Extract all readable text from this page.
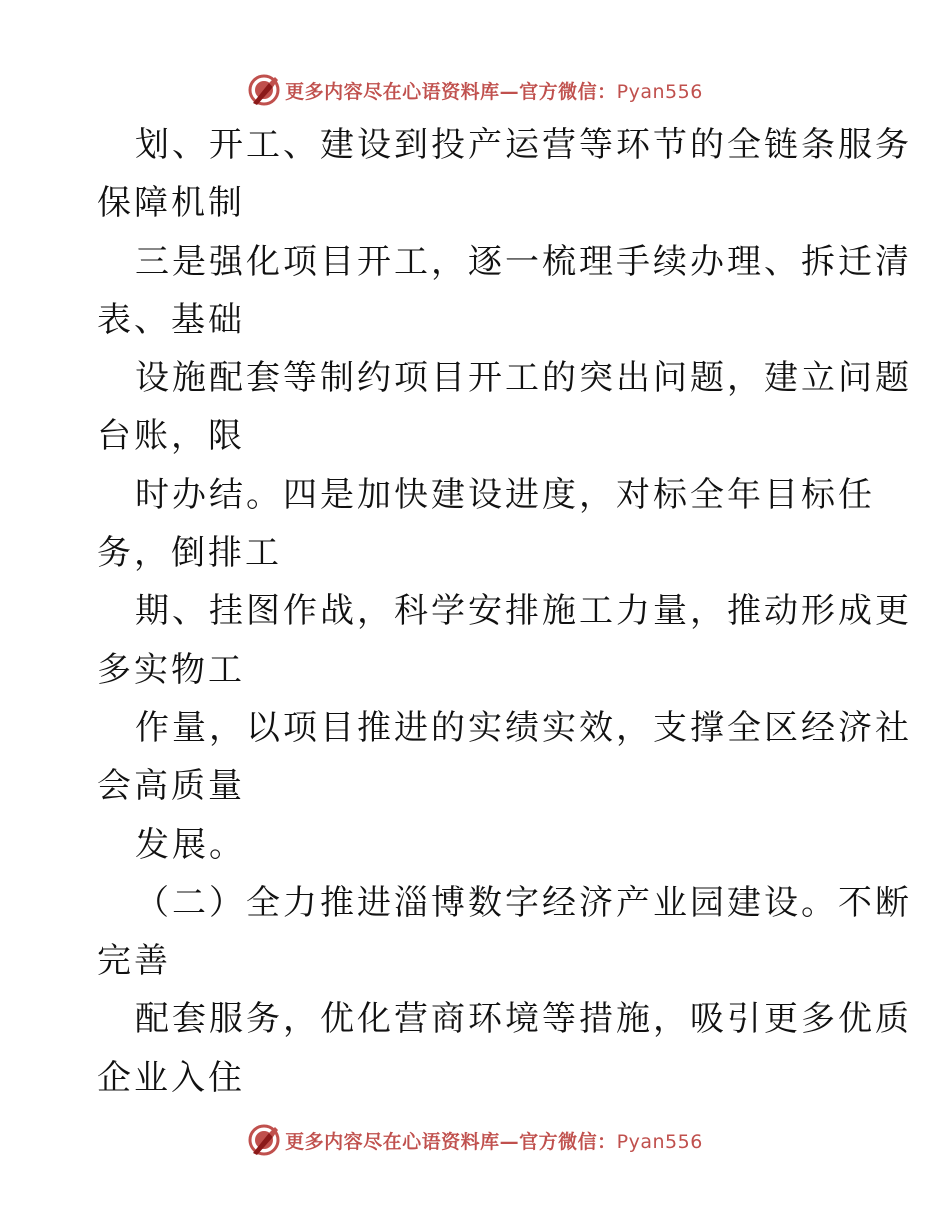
更多内容尽在心语资料库—官方微信：Pyan556
划、开工、建设到投产运营等环节的全链条服务
保障机制
三是强化项目开工，逐一梳理手续办理、拆迁清
表、基础
设施配套等制约项目开工的突出问题，建立问题
台账，限
时办结。四是加快建设进度，对标全年目标任
务，倒排工
期、挂图作战，科学安排施工力量，推动形成更
多实物工
作量，以项目推进的实绩实效，支撑全区经济社
会高质量
发展。
（二）全力推进淄博数字经济产业园建设。不断
完善
配套服务，优化营商环境等措施，吸引更多优质
企业入住
更多内容尽在心语资料库—官方微信：Pyan556
